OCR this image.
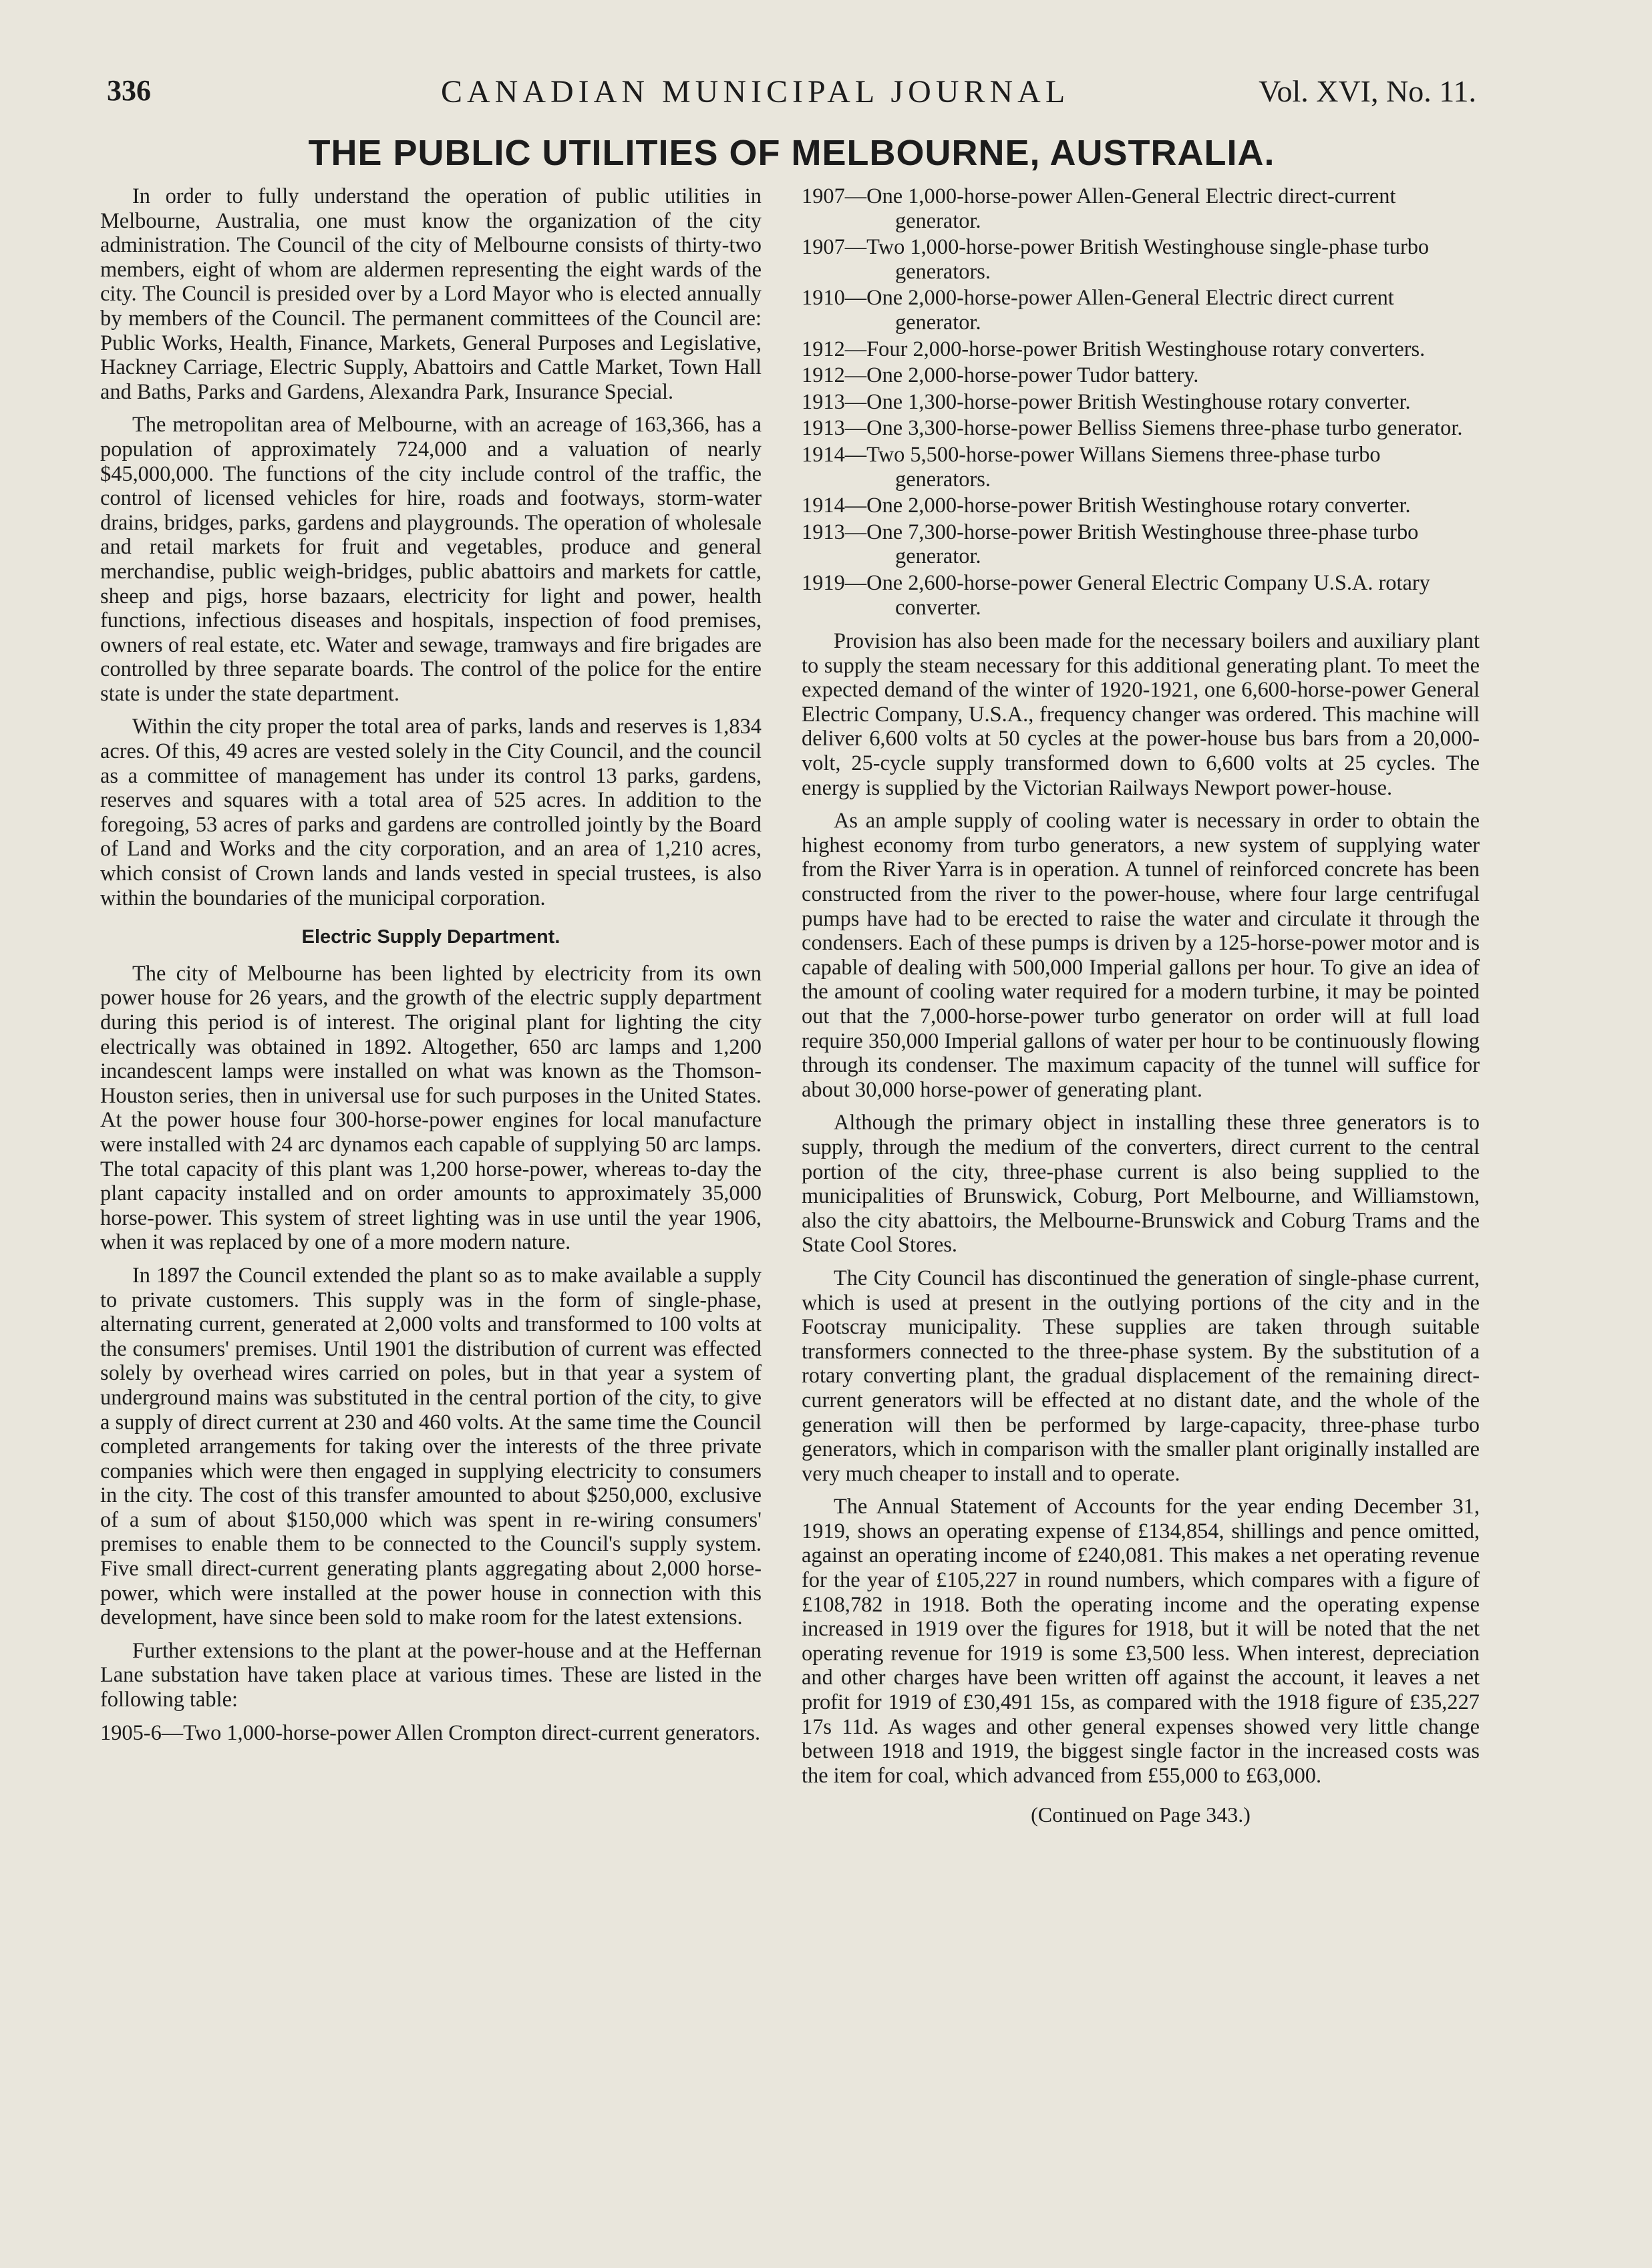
336	CANADIAN MUNICIPAL JOURNAL	Vol. XVI, No. 11.
THE PUBLIC UTILITIES OF MELBOURNE, AUSTRALIA.

In order to fully understand the operation of public utilities in Melbourne, Australia, one must know the organization of the city administration. The Council of the city of Melbourne consists of thirty-two members, eight of whom are aldermen representing the eight wards of the city. The Council is presided over by a Lord Mayor who is elected annually by members of the Council. The permanent committees of the Council are: Public Works, Health, Finance, Markets, General Purposes and Legislative, Hackney Carriage, Electric Supply, Abattoirs and Cattle Market, Town Hall and Baths, Parks and Gardens, Alexandra Park, Insurance Special.

The metropolitan area of Melbourne, with an acreage of 163,366, has a population of approximately 724,000 and a valuation of nearly $45,000,000. The functions of the city include control of the traffic, the control of licensed vehicles for hire, roads and footways, storm-water drains, bridges, parks, gardens and playgrounds. The operation of wholesale and retail markets for fruit and vegetables, produce and general merchandise, public weigh-bridges, public abattoirs and markets for cattle, sheep and pigs, horse bazaars, electricity for light and power, health functions, infectious diseases and hospitals, inspection of food premises, owners of real estate, etc. Water and sewage, tramways and fire brigades are controlled by three separate boards. The control of the police for the entire state is under the state department.

Within the city proper the total area of parks, lands and reserves is 1,834 acres. Of this, 49 acres are vested solely in the City Council, and the council as a committee of management has under its control 13 parks, gardens, reserves and squares with a total area of 525 acres. In addition to the foregoing, 53 acres of parks and gardens are controlled jointly by the Board of Land and Works and the city corporation, and an area of 1,210 acres, which consist of Crown lands and lands vested in special trustees, is also within the boundaries of the municipal corporation.

Electric Supply Department.

The city of Melbourne has been lighted by electricity from its own power house for 26 years, and the growth of the electric supply department during this period is of interest. The original plant for lighting the city electrically was obtained in 1892. Altogether, 650 arc lamps and 1,200 incandescent lamps were installed on what was known as the Thomson-Houston series, then in universal use for such purposes in the United States. At the power house four 300-horse-power engines for local manufacture were installed with 24 arc dynamos each capable of supplying 50 arc lamps. The total capacity of this plant was 1,200 horse-power, whereas to-day the plant capacity installed and on order amounts to approximately 35,000 horse-power. This system of street lighting was in use until the year 1906, when it was replaced by one of a more modern nature.

In 1897 the Council extended the plant so as to make available a supply to private customers. This supply was in the form of single-phase, alternating current, generated at 2,000 volts and transformed to 100 volts at the consumers' premises. Until 1901 the distribution of current was effected solely by overhead wires carried on poles, but in that year a system of underground mains was substituted in the central portion of the city, to give a supply of direct current at 230 and 460 volts. At the same time the Council completed arrangements for taking over the interests of the three private companies which were then engaged in supplying electricity to consumers in the city. The cost of this transfer amounted to about $250,000, exclusive of a sum of about $150,000 which was spent in re-wiring consumers' premises to enable them to be connected to the Council's supply system. Five small direct-current generating plants aggregating about 2,000 horse-power, which were installed at the power house in connection with this development, have since been sold to make room for the latest extensions.

Further extensions to the plant at the power-house and at the Heffernan Lane substation have taken place at various times. These are listed in the following table:

1905-6—Two 1,000-horse-power Allen Crompton direct-current generators.
1907—One 1,000-horse-power Allen-General Electric direct-current generator.
1907—Two 1,000-horse-power British Westinghouse single-phase turbo generators.
1910—One 2,000-horse-power Allen-General Electric direct current generator.
1912—Four 2,000-horse-power British Westinghouse rotary converters.
1912—One 2,000-horse-power Tudor battery.
1913—One 1,300-horse-power British Westinghouse rotary converter.
1913—One 3,300-horse-power Belliss Siemens three-phase turbo generator.
1914—Two 5,500-horse-power Willans Siemens three-phase turbo generators.
1914—One 2,000-horse-power British Westinghouse rotary converter.
1913—One 7,300-horse-power British Westinghouse three-phase turbo generator.
1919—One 2,600-horse-power General Electric Company U.S.A. rotary converter.

Provision has also been made for the necessary boilers and auxiliary plant to supply the steam necessary for this additional generating plant. To meet the expected demand of the winter of 1920-1921, one 6,600-horse-power General Electric Company, U.S.A., frequency changer was ordered. This machine will deliver 6,600 volts at 50 cycles at the power-house bus bars from a 20,000-volt, 25-cycle supply transformed down to 6,600 volts at 25 cycles. The energy is supplied by the Victorian Railways Newport power-house.

As an ample supply of cooling water is necessary in order to obtain the highest economy from turbo generators, a new system of supplying water from the River Yarra is in operation. A tunnel of reinforced concrete has been constructed from the river to the power-house, where four large centrifugal pumps have had to be erected to raise the water and circulate it through the condensers. Each of these pumps is driven by a 125-horse-power motor and is capable of dealing with 500,000 Imperial gallons per hour. To give an idea of the amount of cooling water required for a modern turbine, it may be pointed out that the 7,000-horse-power turbo generator on order will at full load require 350,000 Imperial gallons of water per hour to be continuously flowing through its condenser. The maximum capacity of the tunnel will suffice for about 30,000 horse-power of generating plant.

Although the primary object in installing these three generators is to supply, through the medium of the converters, direct current to the central portion of the city, three-phase current is also being supplied to the municipalities of Brunswick, Coburg, Port Melbourne, and Williamstown, also the city abattoirs, the Melbourne-Brunswick and Coburg Trams and the State Cool Stores.

The City Council has discontinued the generation of single-phase current, which is used at present in the outlying portions of the city and in the Footscray municipality. These supplies are taken through suitable transformers connected to the three-phase system. By the substitution of a rotary converting plant, the gradual displacement of the remaining direct-current generators will be effected at no distant date, and the whole of the generation will then be performed by large-capacity, three-phase turbo generators, which in comparison with the smaller plant originally installed are very much cheaper to install and to operate.

The Annual Statement of Accounts for the year ending December 31, 1919, shows an operating expense of £134,854, shillings and pence omitted, against an operating income of £240,081. This makes a net operating revenue for the year of £105,227 in round numbers, which compares with a figure of £108,782 in 1918. Both the operating income and the operating expense increased in 1919 over the figures for 1918, but it will be noted that the net operating revenue for 1919 is some £3,500 less. When interest, depreciation and other charges have been written off against the account, it leaves a net profit for 1919 of £30,491 15s, as compared with the 1918 figure of £35,227 17s 11d. As wages and other general expenses showed very little change between 1918 and 1919, the biggest single factor in the increased costs was the item for coal, which advanced from £55,000 to £63,000.

(Continued on Page 343.)
